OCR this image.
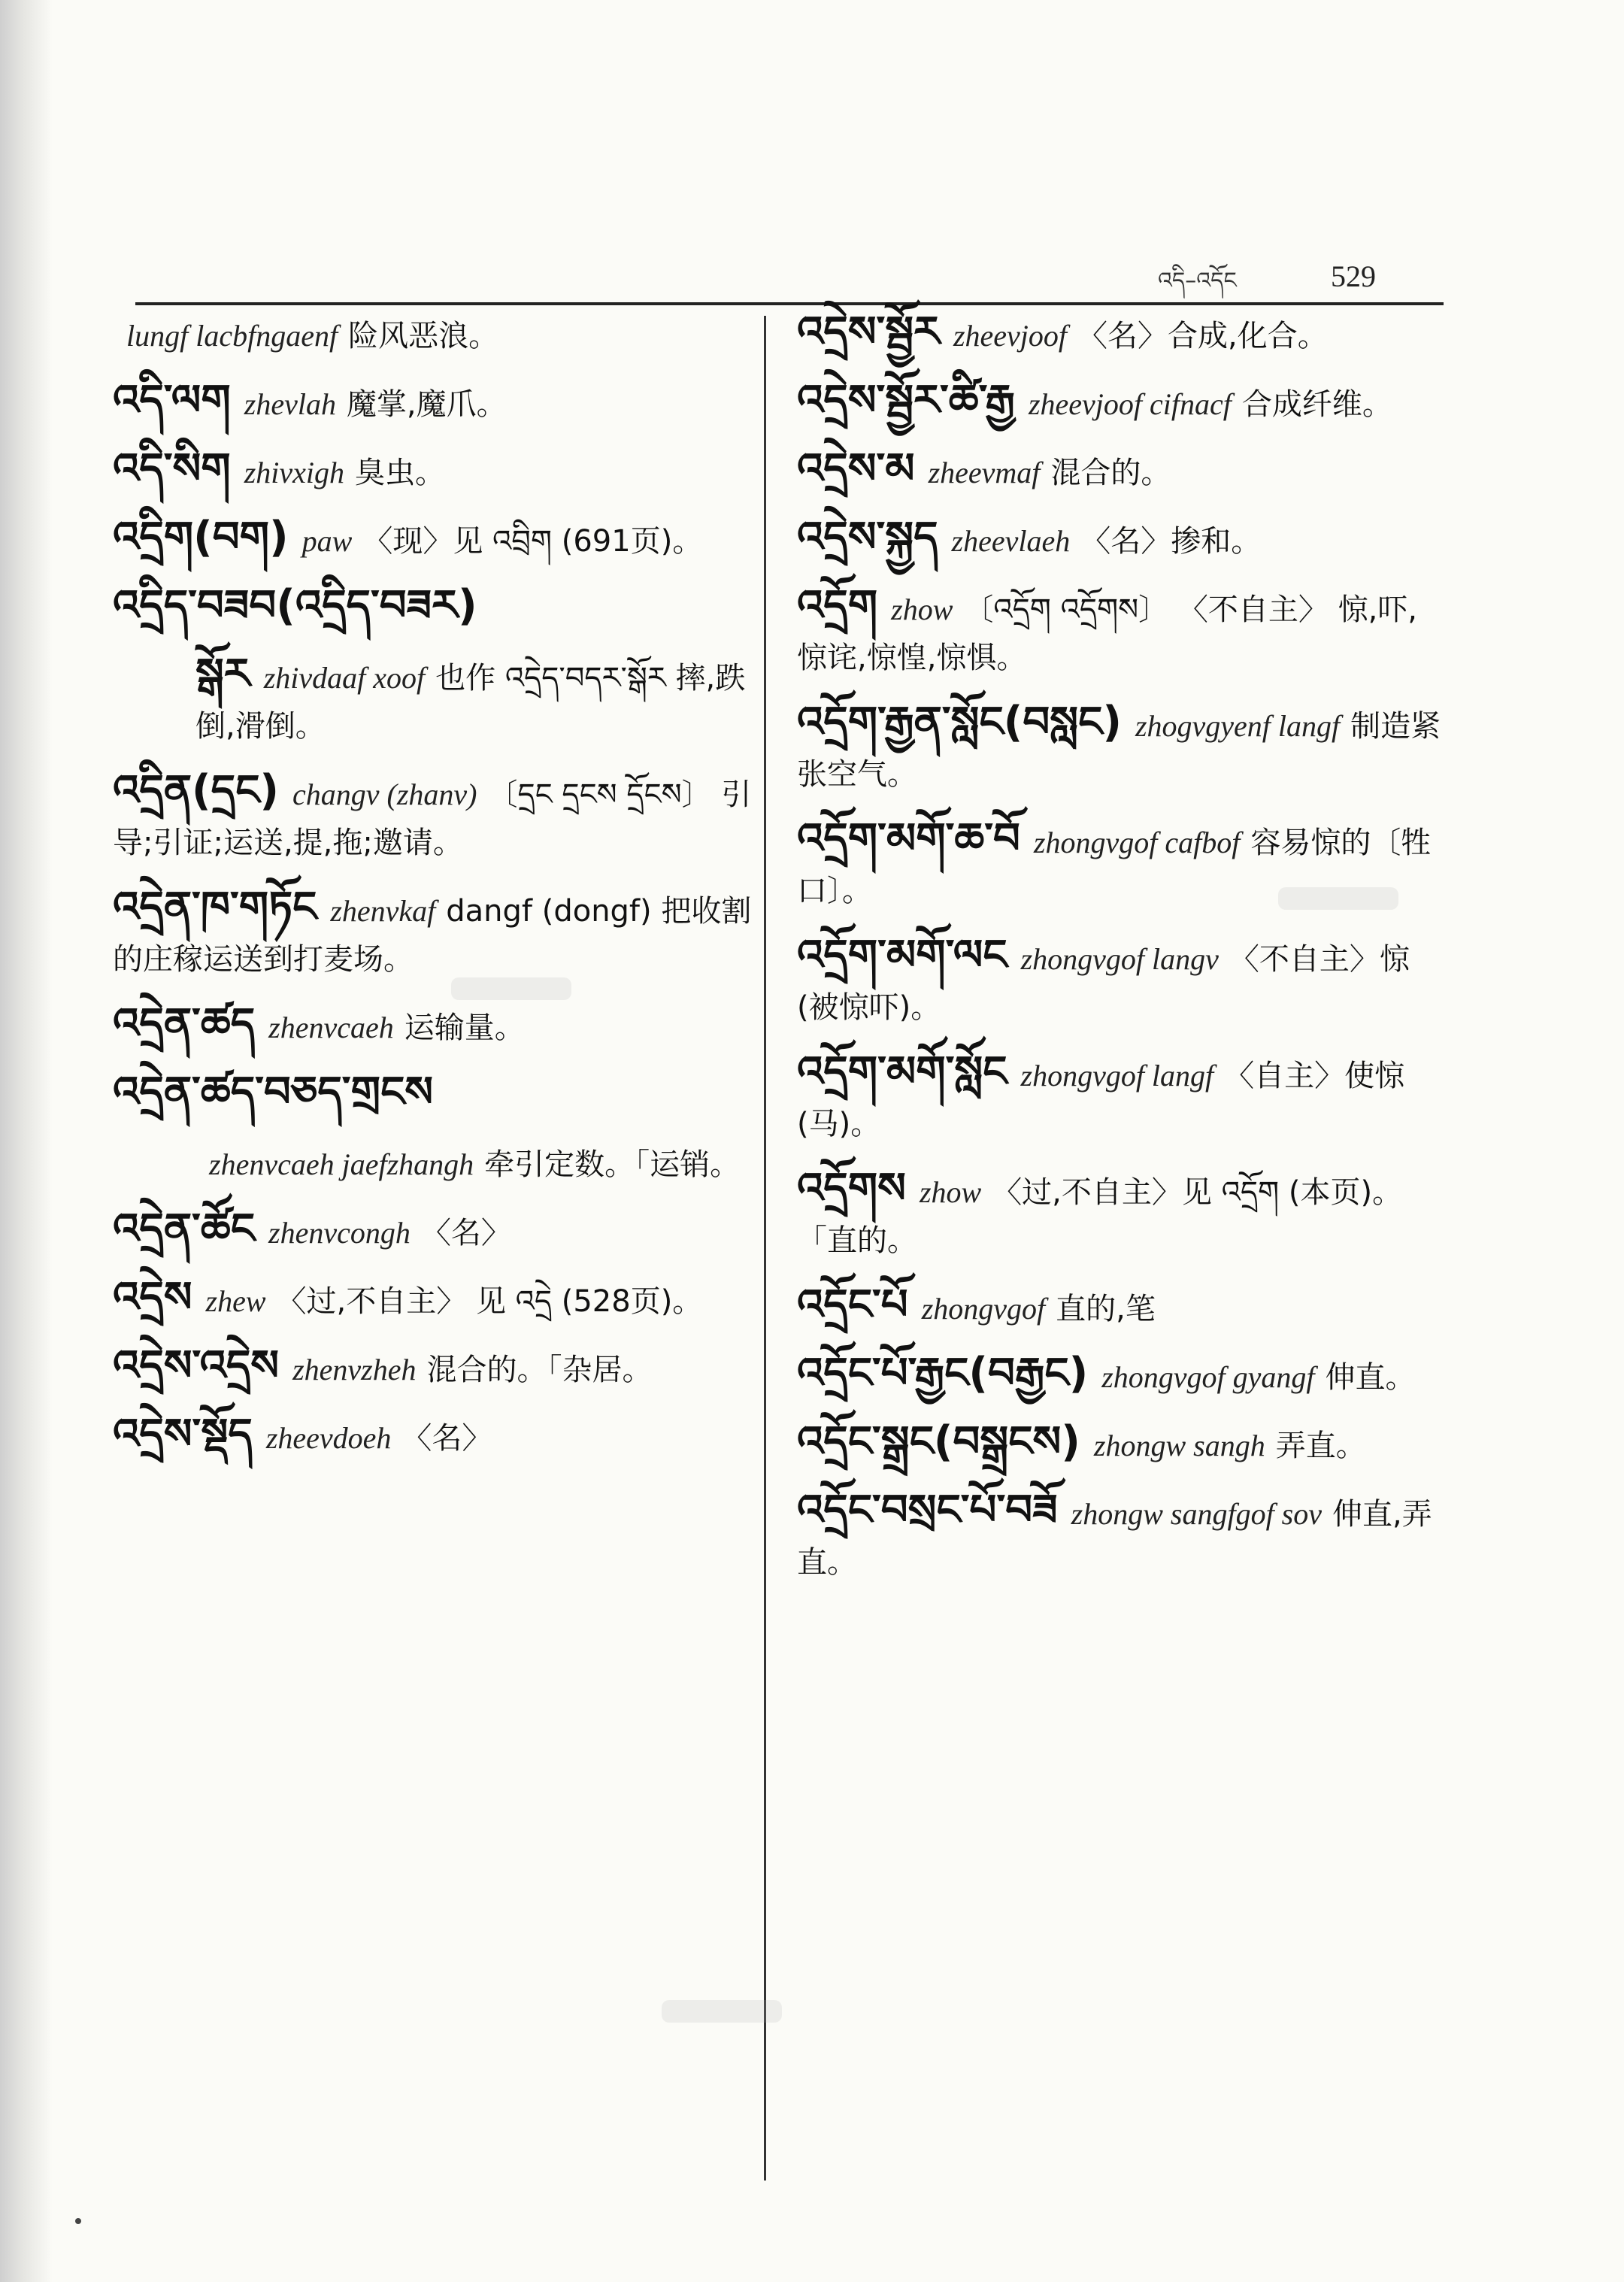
འདི–འདོང	529
lungf lacbfngaenf 险风恶浪。
འདི་ལག zheνlah 魔掌,魔爪。
འདི་སིག zhiνxigh 臭虫。
འདྲིག(བག) paw 〈现〉见 འབྲིག (691页)。
འདྲིད་བཟབ(འདྲིད་བཟར)
སྒོར zhiνdaaf xoof 也作 འདྲེད་བདར་སྒོར 摔,跌倒,滑倒。
འདྲིན(དྲང) changν (zhanν) 〔དྲང དྲངས དྲོངས〕 引导;引证;运送,提,拖;邀请。
འདྲེན་ཁ་གཏོང zhenνkaf dangf (dongf) 把收割的庄稼运送到打麦场。
འདྲེན་ཚད zhenνcaeh 运输量。
འདྲེན་ཚད་བཅད་གྲངས
zhenνcaeh jaefzhangh 牵引定数。「运销。
འདྲེན་ཚོང zhenνcongh 〈名〉
འདྲེས zhew 〈过,不自主〉 见 འདྲེ (528页)。
འདྲེས་འདྲེས zhenνzheh 混合的。「杂居。
འདྲེས་སྡོད zheeνdoeh 〈名〉
འདྲེས་སྦྱོར zheeνjoof 〈名〉合成,化合。
འདྲེས་སྦྱོར་ཚི་རྒྱ zheeνjoof cifnacf 合成纤维。
འདྲེས་མ zheeνmaf 混合的。
འདྲེས་སྐྱད zheeνlaeh 〈名〉掺和。
འདྲོག zhow 〔འདྲོག འདྲོགས〕 〈不自主〉 惊,吓,惊诧,惊惶,惊惧。
འདྲོག་རྒྱན་སློང(བསླང) zhogνgyenf langf 制造紧张空气。
འདྲོག་མགོ་ཆ་བོ zhongνgof cafbof 容易惊的〔牲口〕。
འདྲོག་མགོ་ལང zhongνgof langν 〈不自主〉惊(被惊吓)。
འདྲོག་མགོ་སློང zhongνgof langf 〈自主〉使惊(马)。
འདྲོགས zhow 〈过,不自主〉见 འདྲོག (本页)。「直的。
འདྲོང་པོ zhongνgof 直的,笔
འདྲོང་པོ་རྒྱང(བརྒྱང) zhongνgof gyangf 伸直。
འདྲོང་སྒྲང(བསྒྲངས) zhongw sangh 弄直。
འདྲོང་བསྲང་པོ་བཟོ zhongw sangfgof sov 伸直,弄直。
